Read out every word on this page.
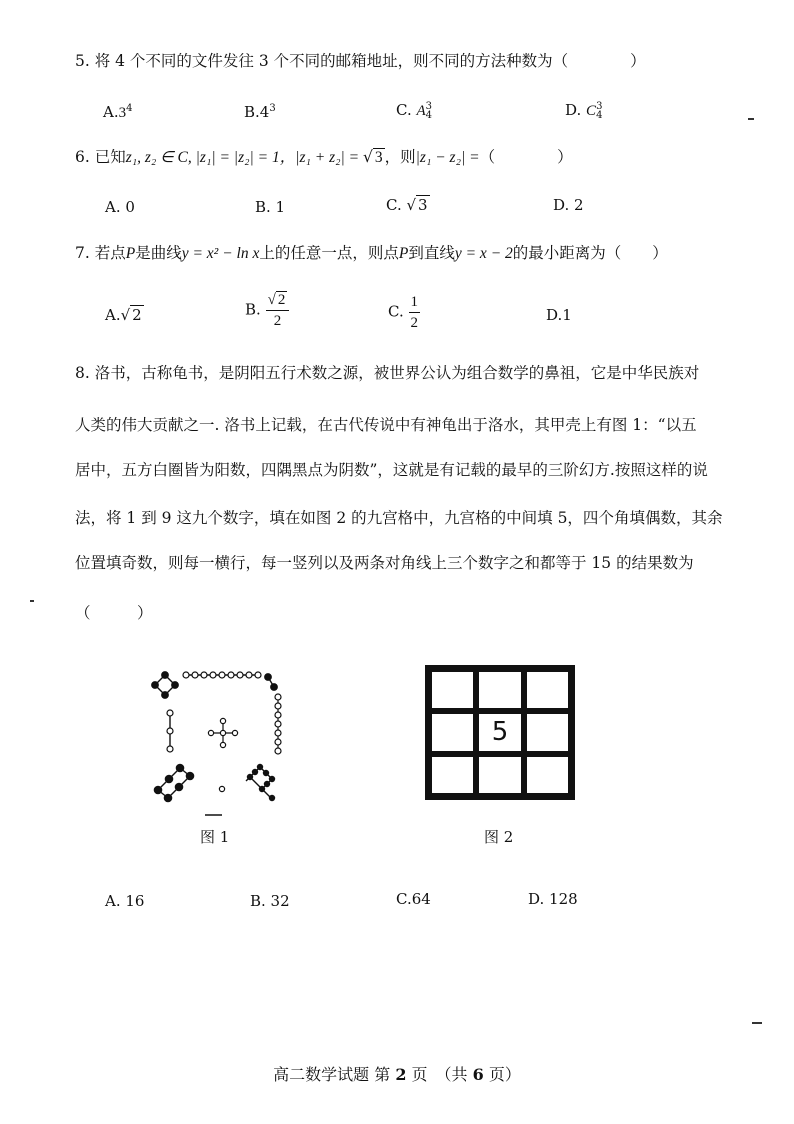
5. 将 4 个不同的文件发往 3 个不同的邮箱地址，则不同的方法种数为（　　　　）
$A.3^4$	$B.4^3$	C. A 3
4	D. C 3
4
6. 已知z₁, z₂ ∈ C, |z₁| = |z₂| = 1，|z₁ + z₂| = √ 3 ，则|z₁ − z₂| =（　　　　）
A. 0	B. 1	C. √ 3	D. 2
7. 若点P是曲线y = x² − ln x上的任意一点，则点P到直线y = x − 2的最小距离为（　　）
A.√ 2	B. $\frac{√ 2}{2}$	C. $\frac{1}{2}$	D.1
8. 洛书，古称龟书，是阴阳五行术数之源，被世界公认为组合数学的鼻祖，它是中华民族对
人类的伟大贡献之一. 洛书上记载，在古代传说中有神龟出于洛水，其甲壳上有图 1：“以五
居中，五方白圈皆为阳数，四隅黑点为阴数”，这就是有记载的最早的三阶幻方.按照这样的说
法，将 1 到 9 这九个数字，填在如图 2 的九宫格中，九宫格的中间填 5，四个角填偶数，其余
位置填奇数，则每一横行，每一竖列以及两条对角线上三个数字之和都等于 15 的结果数为
（　　　）
图 1
5
图 2
A. 16	B. 32	C.64	D. 128
高二数学试题 第 2 页　（共 6 页）
